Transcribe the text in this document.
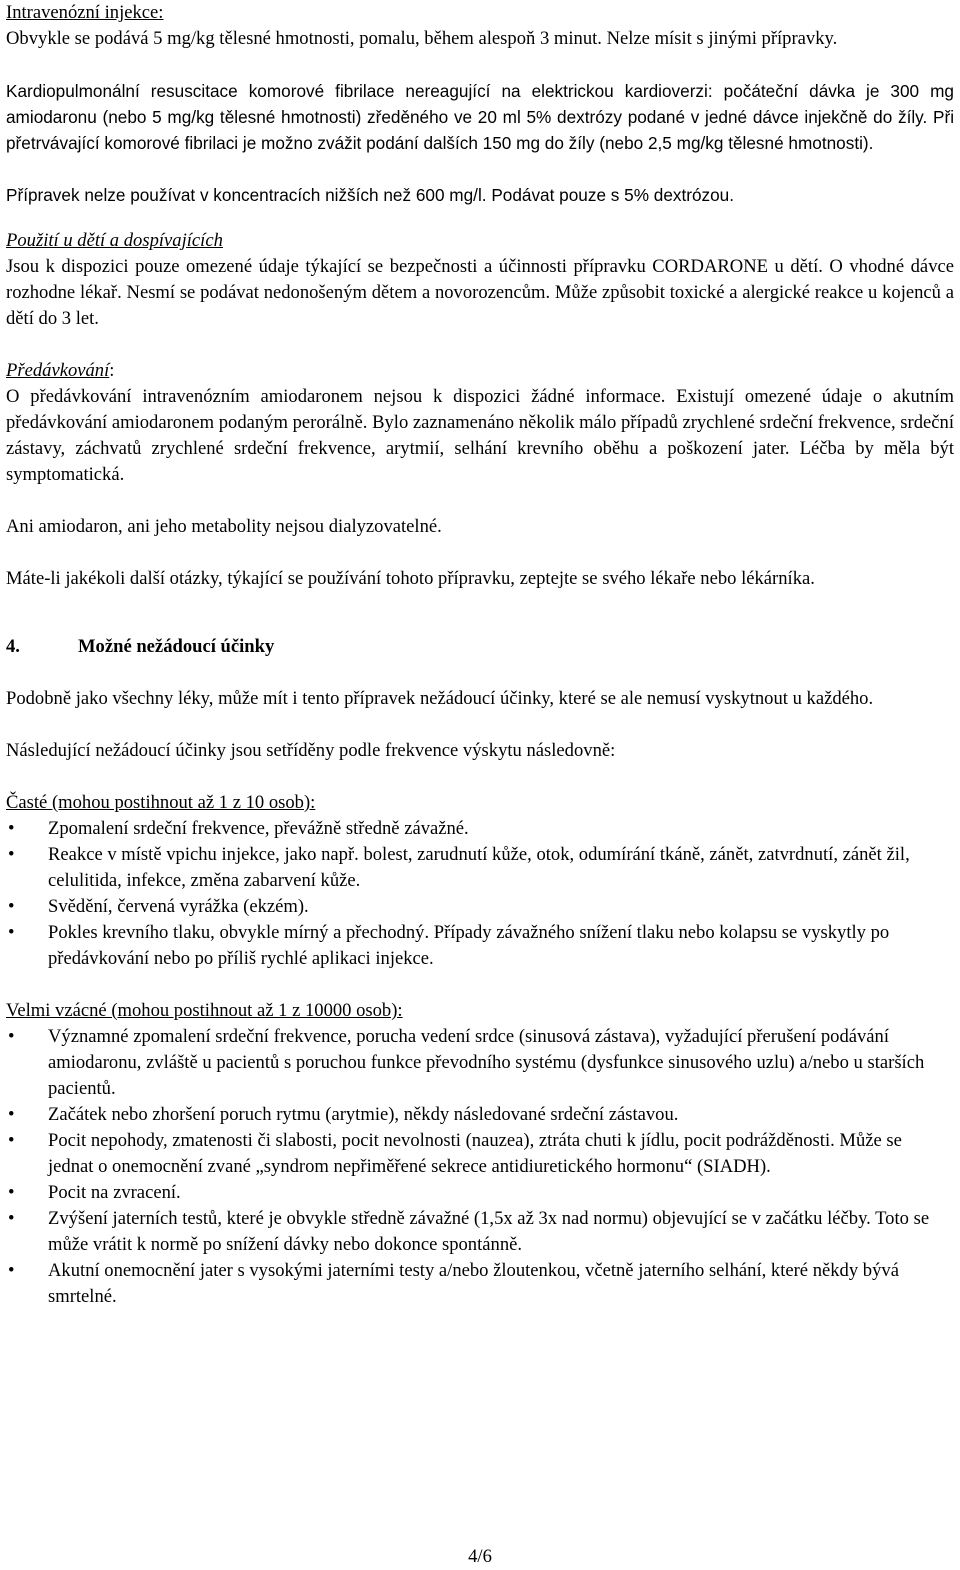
Intravenózní injekce:

Obvykle se podává 5 mg/kg tělesné hmotnosti, pomalu, během alespoň 3 minut. Nelze mísit s jinými přípravky.

Kardiopulmonální resuscitace komorové fibrilace nereagující na elektrickou kardioverzi: počáteční dávka je 300 mg amiodaronu (nebo 5 mg/kg tělesné hmotnosti) zředěného ve 20 ml 5% dextrózy podané v jedné dávce injekčně do žíly. Při přetrvávající komorové fibrilaci je možno zvážit podání dalších 150 mg do žíly (nebo 2,5 mg/kg tělesné hmotnosti).

Přípravek nelze používat v koncentracích nižších než 600 mg/l. Podávat pouze s 5% dextrózou.

Použití u dětí a dospívajících

Jsou k dispozici pouze omezené údaje týkající se bezpečnosti a účinnosti přípravku CORDARONE u dětí. O vhodné dávce rozhodne lékař. Nesmí se podávat nedonošeným dětem a novorozencům. Může způsobit toxické a alergické reakce u kojenců a dětí do 3 let.

Předávkování:

O předávkování intravenózním amiodaronem nejsou k dispozici žádné informace. Existují omezené údaje o akutním předávkování amiodaronem podaným perorálně. Bylo zaznamenáno několik málo případů zrychlené srdeční frekvence, srdeční zástavy, záchvatů zrychlené srdeční frekvence, arytmií, selhání krevního oběhu a poškození jater. Léčba by měla být symptomatická.

Ani amiodaron, ani jeho metabolity nejsou dialyzovatelné.

Máte-li jakékoli další otázky, týkající se používání tohoto přípravku, zeptejte se svého lékaře nebo lékárníka.

4.	Možné nežádoucí účinky

Podobně jako všechny léky, může mít i tento přípravek nežádoucí účinky, které se ale nemusí vyskytnout u každého.

Následující nežádoucí účinky jsou setříděny podle frekvence výskytu následovně:

Časté (mohou postihnout až 1 z 10 osob):

• Zpomalení srdeční frekvence, převážně středně závažné.
• Reakce v místě vpichu injekce, jako např. bolest, zarudnutí kůže, otok, odumírání tkáně, zánět, zatvrdnutí, zánět žil, celulitida, infekce, změna zabarvení kůže.
• Svědění, červená vyrážka (ekzém).
• Pokles krevního tlaku, obvykle mírný a přechodný. Případy závažného snížení tlaku nebo kolapsu se vyskytly po předávkování nebo po příliš rychlé aplikaci injekce.

Velmi vzácné (mohou postihnout až 1 z 10000 osob):

• Významné zpomalení srdeční frekvence, porucha vedení srdce (sinusová zástava), vyžadující přerušení podávání amiodaronu, zvláště u pacientů s poruchou funkce převodního systému (dysfunkce sinusového uzlu) a/nebo u starších pacientů.
• Začátek nebo zhoršení poruch rytmu (arytmie), někdy následované srdeční zástavou.
• Pocit nepohody, zmatenosti či slabosti, pocit nevolnosti (nauzea), ztráta chuti k jídlu, pocit podrážděnosti. Může se jednat o onemocnění zvané „syndrom nepřiměřené sekrece antidiuretického hormonu“ (SIADH).
• Pocit na zvracení.
• Zvýšení jaterních testů, které je obvykle středně závažné (1,5x až 3x nad normu) objevující se v začátku léčby. Toto se může vrátit k normě po snížení dávky nebo dokonce spontánně.
• Akutní onemocnění jater s vysokými jaterními testy a/nebo žloutenkou, včetně jaterního selhání, které někdy bývá smrtelné.
4/6
